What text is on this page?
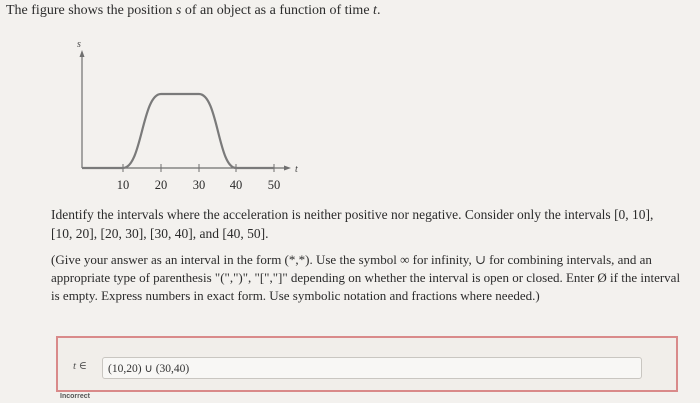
The figure shows the position s of an object as a function of time t.

s
t
10 20 30 40 50

Identify the intervals where the acceleration is neither positive nor negative. Consider only the intervals [0, 10], [10, 20], [20, 30], [30, 40], and [40, 50].

(Give your answer as an interval in the form (*,*). Use the symbol ∞ for infinity, ∪ for combining intervals, and an appropriate type of parenthesis "(",")", "[","]" depending on whether the interval is open or closed. Enter Ø if the interval is empty. Express numbers in exact form. Use symbolic notation and fractions where needed.)

t ∈	(10,20) ∪ (30,40)
Incorrect
